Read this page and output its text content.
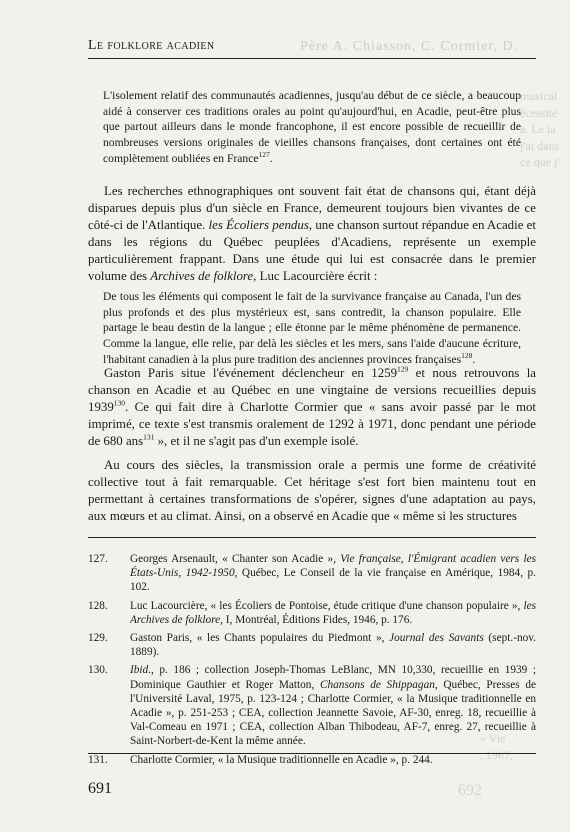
Père A. Chiasson, C. Cormier, D.
musical
écessité
a. Le la
j'ai dans
ce que j'
« Vie
, 1967,
692
Le folklore acadien
L'isolement relatif des communautés acadiennes, jusqu'au début de ce siècle, a beaucoup aidé à conserver ces traditions orales au point qu'aujourd'hui, en Acadie, peut-être plus que partout ailleurs dans le monde francophone, il est encore possible de recueillir de nombreuses versions originales de vieilles chansons françaises, dont certaines ont été complètement oubliées en France$^{127}$.
Les recherches ethnographiques ont souvent fait état de chansons qui, étant déjà disparues depuis plus d'un siècle en France, demeurent toujours bien vivantes de ce côté-ci de l'Atlantique. les Écoliers pendus, une chanson surtout répandue en Acadie et dans les régions du Québec peuplées d'Acadiens, représente un exemple particulièrement frappant. Dans une étude qui lui est consacrée dans le premier volume des Archives de folklore, Luc Lacourcière écrit :
De tous les éléments qui composent le fait de la survivance française au Canada, l'un des plus profonds et des plus mystérieux est, sans contredit, la chanson populaire. Elle partage le beau destin de la langue ; elle étonne par le même phénomène de permanence. Comme la langue, elle relie, par delà les siècles et les mers, sans l'aide d'aucune écriture, l'habitant canadien à la plus pure tradition des anciennes provinces françaises$^{128}$.
Gaston Paris situe l'événement déclencheur en 1259$^{129}$ et nous retrouvons la chanson en Acadie et au Québec en une vingtaine de versions recueillies depuis 1939$^{130}$. Ce qui fait dire à Charlotte Cormier que « sans avoir passé par le mot imprimé, ce texte s'est transmis oralement de 1292 à 1971, donc pendant une période de 680 ans$^{131}$ », et il ne s'agit pas d'un exemple isolé.
Au cours des siècles, la transmission orale a permis une forme de créativité collective tout à fait remarquable. Cet héritage s'est fort bien maintenu tout en permettant à certaines transformations de s'opérer, signes d'une adaptation au pays, aux mœurs et au climat. Ainsi, on a observé en Acadie que « même si les structures
127.	Georges Arsenault, « Chanter son Acadie », Vie française, l'Émigrant acadien vers les États-Unis, 1942-1950, Québec, Le Conseil de la vie française en Amérique, 1984, p. 102.
128.	Luc Lacourcière, « les Écoliers de Pontoise, étude critique d'une chanson populaire », les Archives de folklore, I, Montréal, Éditions Fides, 1946, p. 176.
129.	Gaston Paris, « les Chants populaires du Piedmont », Journal des Savants (sept.-nov. 1889).
130.	Ibid., p. 186 ; collection Joseph-Thomas LeBlanc, MN 10,330, recueillie en 1939 ; Dominique Gauthier et Roger Matton, Chansons de Shippagan, Québec, Presses de l'Université Laval, 1975, p. 123-124 ; Charlotte Cormier, « la Musique traditionnelle en Acadie », p. 251-253 ; CEA, collection Jeannette Savoie, AF-30, enreg. 18, recueillie à Val-Comeau en 1971 ; CEA, collection Alban Thibodeau, AF-7, enreg. 27, recueillie à Saint-Norbert-de-Kent la même année.
131.	Charlotte Cormier, « la Musique traditionnelle en Acadie », p. 244.
691
